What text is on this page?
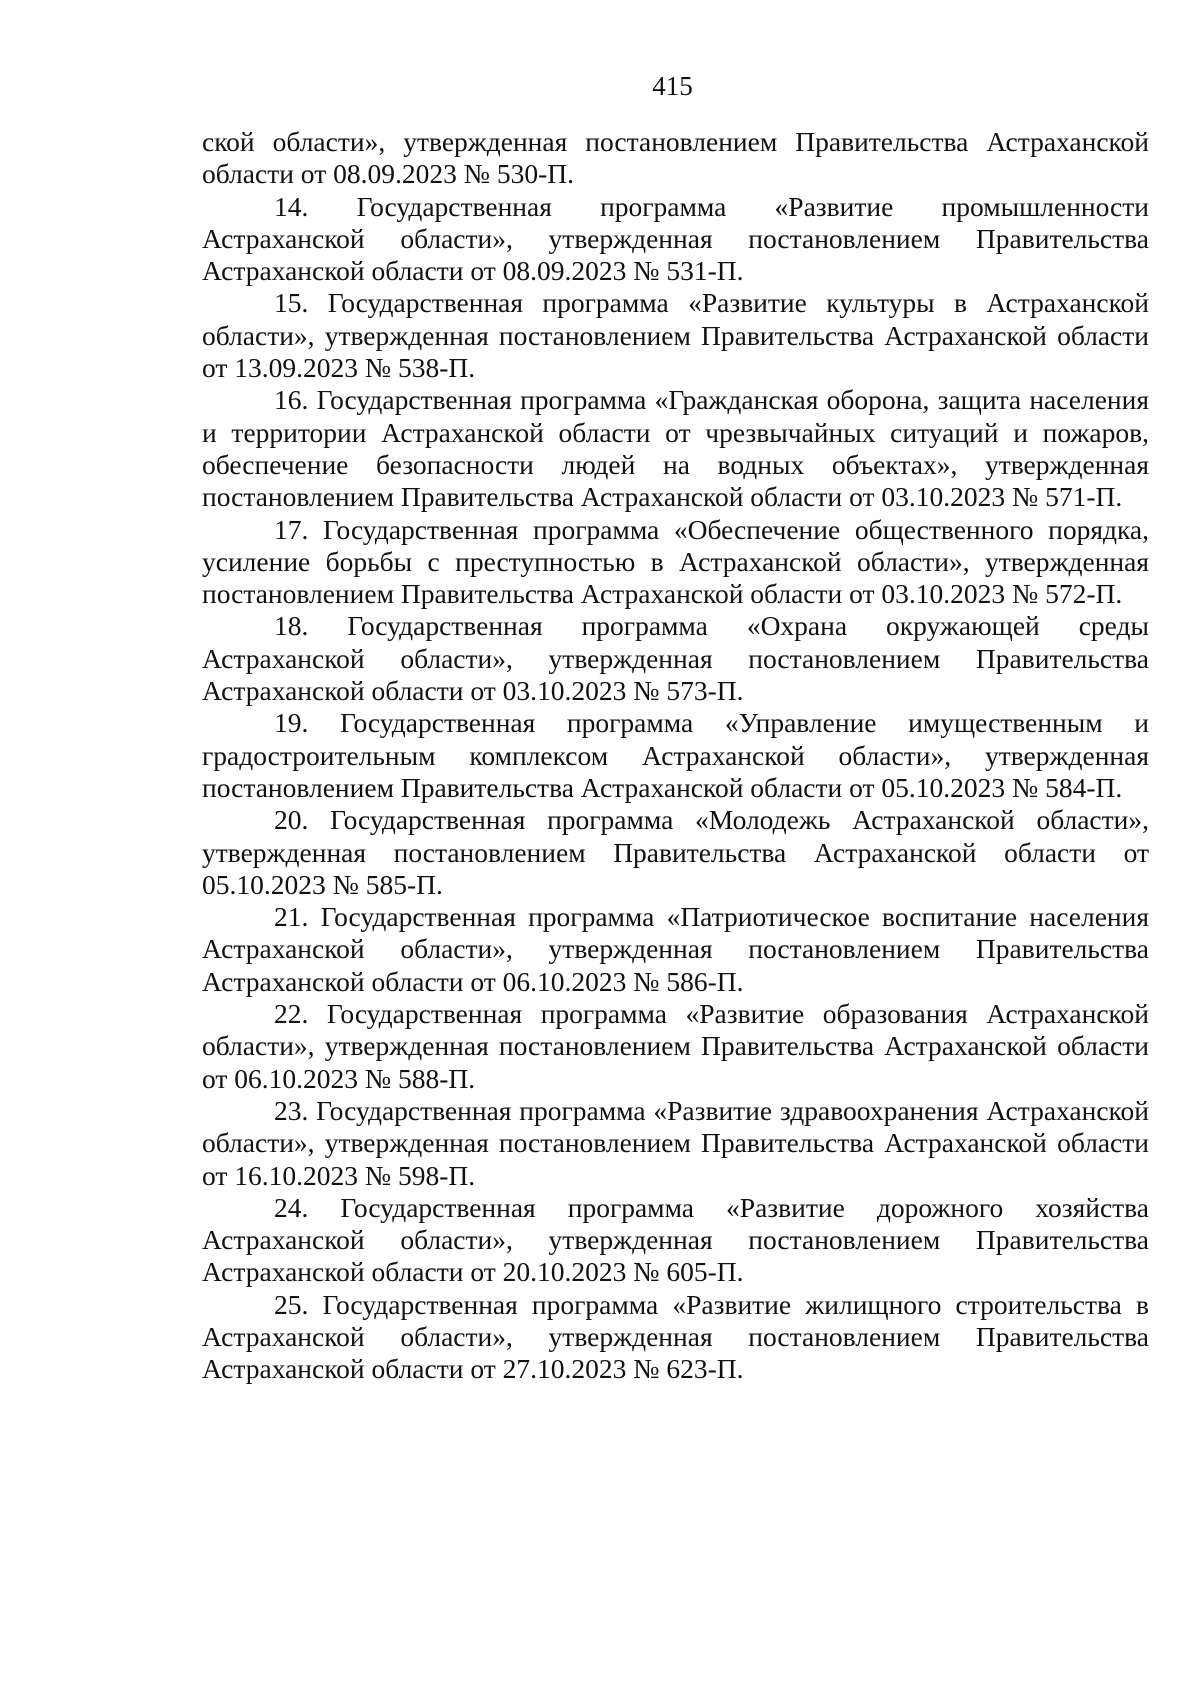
415

ской области», утвержденная постановлением Правительства Астраханской области от 08.09.2023 № 530-П.

14. Государственная программа «Развитие промышленности Астраханской области», утвержденная постановлением Правительства Астраханской области от 08.09.2023 № 531-П.

15. Государственная программа «Развитие культуры в Астраханской области», утвержденная постановлением Правительства Астраханской области от 13.09.2023 № 538-П.

16. Государственная программа «Гражданская оборона, защита населения и территории Астраханской области от чрезвычайных ситуаций и пожаров, обеспечение безопасности людей на водных объектах», утвержденная постановлением Правительства Астраханской области от 03.10.2023 № 571-П.

17. Государственная программа «Обеспечение общественного порядка, усиление борьбы с преступностью в Астраханской области», утвержденная постановлением Правительства Астраханской области от 03.10.2023 № 572-П.

18. Государственная программа «Охрана окружающей среды Астраханской области», утвержденная постановлением Правительства Астраханской области от 03.10.2023 № 573-П.

19. Государственная программа «Управление имущественным и градостроительным комплексом Астраханской области», утвержденная постановлением Правительства Астраханской области от 05.10.2023 № 584-П.

20. Государственная программа «Молодежь Астраханской области», утвержденная постановлением Правительства Астраханской области от 05.10.2023 № 585-П.

21. Государственная программа «Патриотическое воспитание населения Астраханской области», утвержденная постановлением Правительства Астраханской области от 06.10.2023 № 586-П.

22. Государственная программа «Развитие образования Астраханской области», утвержденная постановлением Правительства Астраханской области от 06.10.2023 № 588-П.

23. Государственная программа «Развитие здравоохранения Астраханской области», утвержденная постановлением Правительства Астраханской области от 16.10.2023 № 598-П.

24. Государственная программа «Развитие дорожного хозяйства Астраханской области», утвержденная постановлением Правительства Астраханской области от 20.10.2023 № 605-П.

25. Государственная программа «Развитие жилищного строительства в Астраханской области», утвержденная постановлением Правительства Астраханской области от 27.10.2023 № 623-П.
